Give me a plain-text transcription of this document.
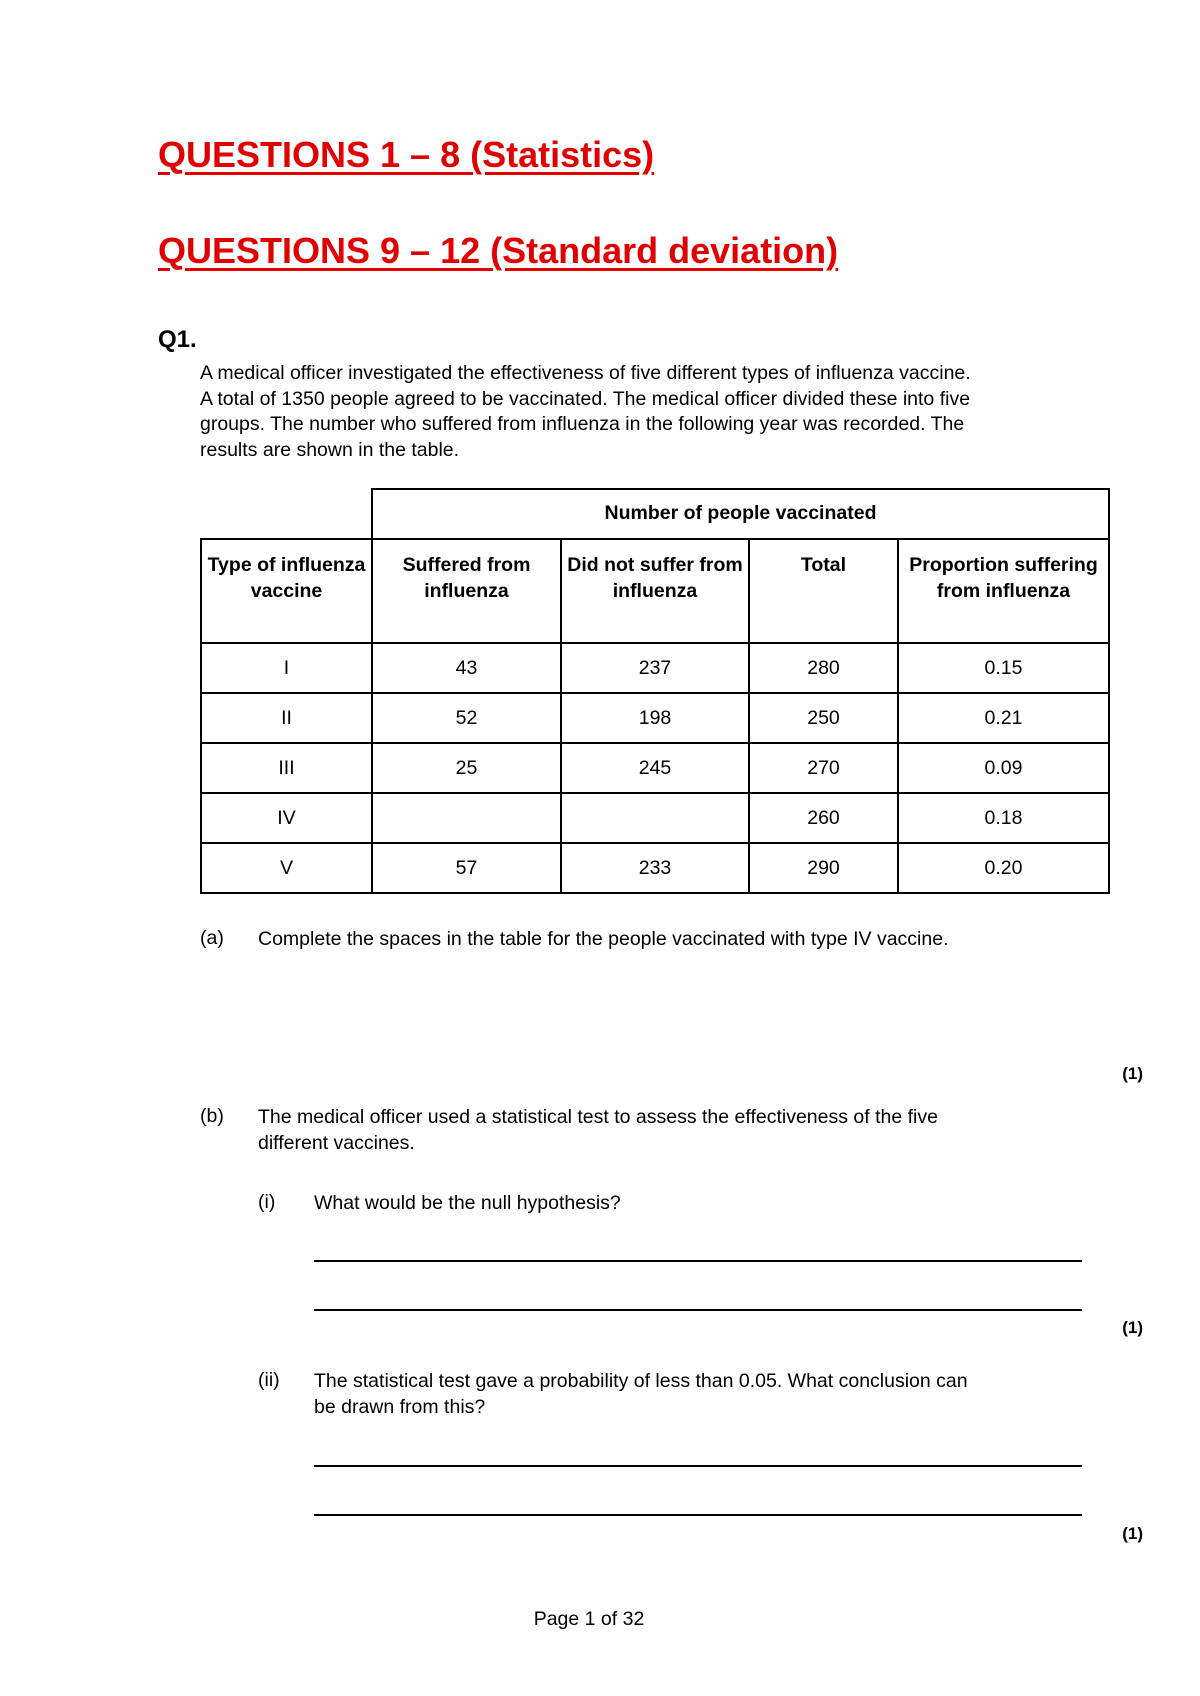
QUESTIONS 1 – 8 (Statistics)
QUESTIONS 9 – 12 (Standard deviation)
Q1.

A medical officer investigated the effectiveness of five different types of influenza vaccine.

A total of 1350 people agreed to be vaccinated. The medical officer divided these into five

groups. The number who suffered from influenza in the following year was recorded. The

results are shown in the table.

	Number of people vaccinated			
Type of influenza vaccine	Suffered from influenza	Did not suffer from influenza	Total	Proportion suffering from influenza
I	43	237	280	0.15
II	52	198	250	0.21
III	25	245	270	0.09
IV			260	0.18
V	57	233	290	0.20
(a) Complete the spaces in the table for the people vaccinated with type IV vaccine.
(1)
(b) The medical officer used a statistical test to assess the effectiveness of the five
different vaccines.
(i) What would be the null hypothesis?
(1)
(ii) The statistical test gave a probability of less than 0.05. What conclusion can
be drawn from this?
(1)
Page 1 of 32
